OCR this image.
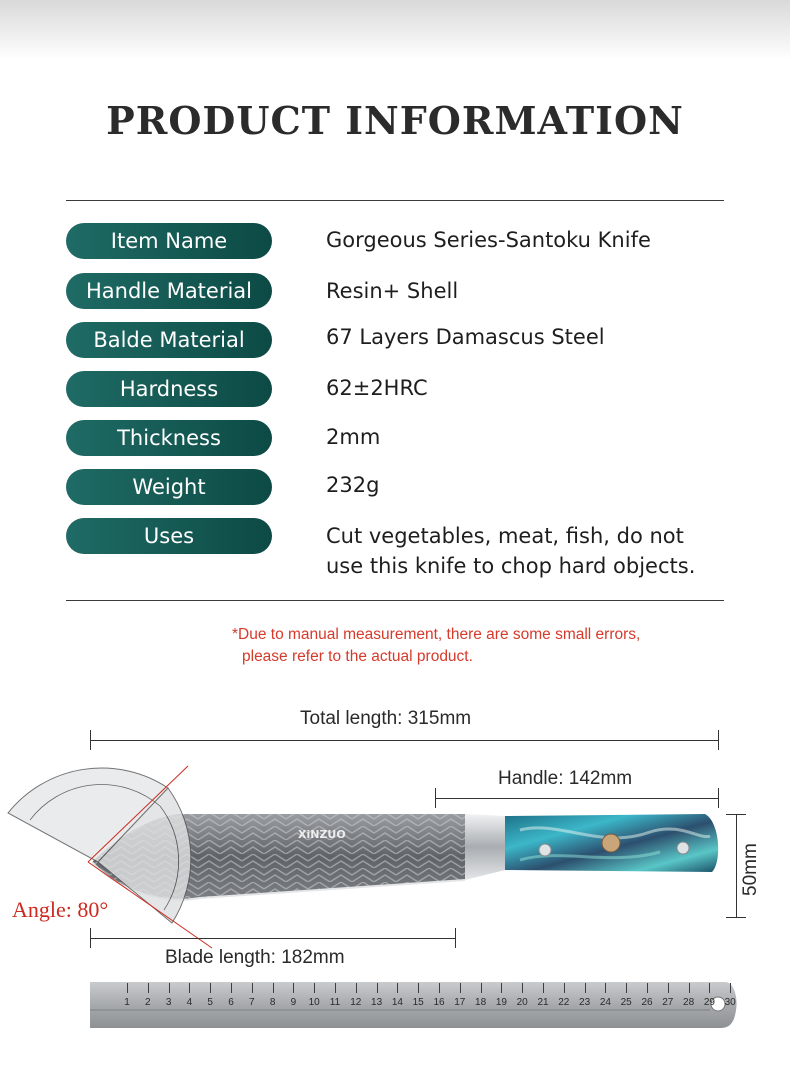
PRODUCT INFORMATION
Item Name	Gorgeous Series-Santoku Knife
Handle Material	Resin+ Shell
Balde Material	67 Layers Damascus Steel
Hardness	62±2HRC
Thickness	2mm
Weight	232g
Uses	Cut vegetables, meat, fish, do not
use this knife to chop hard objects.
*Due to manual measurement, there are some small errors,
please refer to the actual product.
XiNZUO
1 2 3 4 5 6 7 8 9 10 11 12 13 14 15 16 17 18 19 20 21 22 23 24 25 26 27 28 29 30
Total length: 315mm
Handle: 142mm
50mm
Blade length: 182mm
Angle: 80°
